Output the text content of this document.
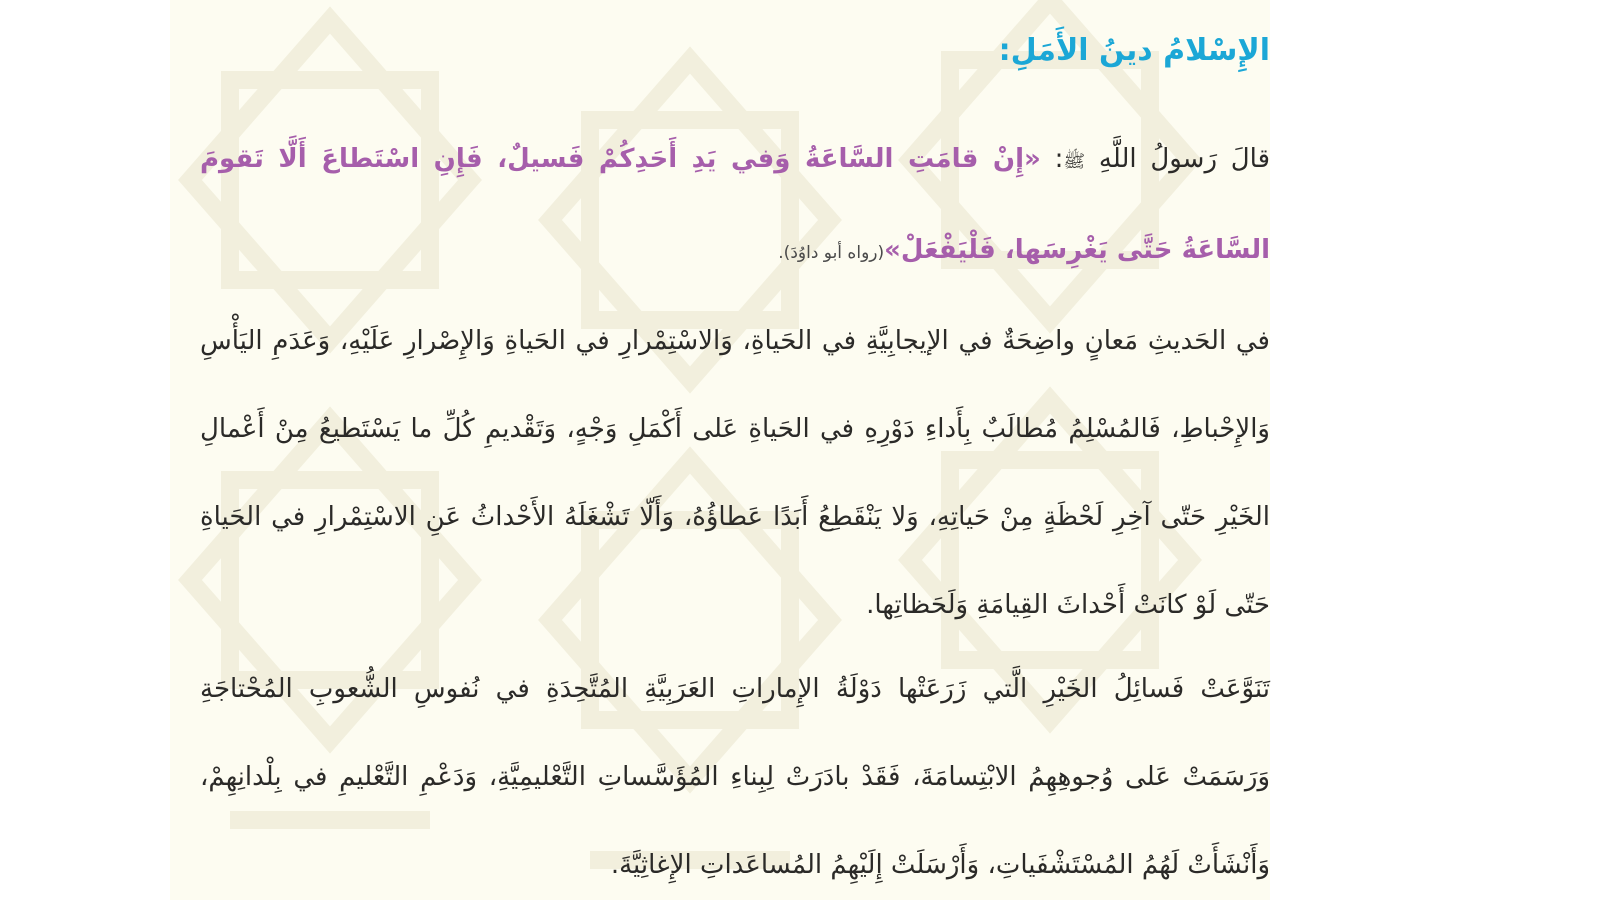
الإِسْلامُ دينُ الأَمَلِ:

قالَ رَسولُ اللَّهِ ﷺ: «إِنْ قامَتِ السَّاعَةُ وَفي يَدِ أَحَدِكُمْ فَسيلٌ، فَإِنِ اسْتَطاعَ أَلَّا تَقومَ السَّاعَةُ حَتَّى يَغْرِسَها، فَلْيَفْعَلْ»(رواه أبو داوُدَ).

في الحَديثِ مَعانٍ واضِحَةٌ في الإيجابِيَّةِ في الحَياةِ، وَالاسْتِمْرارِ في الحَياةِ وَالإِصْرارِ عَلَيْهِ، وَعَدَمِ اليَأْسِ وَالإِحْباطِ، فَالمُسْلِمُ مُطالَبٌ بِأَداءِ دَوْرِهِ في الحَياةِ عَلى أَكْمَلِ وَجْهٍ، وَتَقْديمِ كُلِّ ما يَسْتَطيعُ مِنْ أَعْمالِ الخَيْرِ حَتّى آخِرِ لَحْظَةٍ مِنْ حَياتِهِ، وَلا يَنْقَطِعُ أَبَدًا عَطاؤُهُ، وَأَلّا تَشْغَلَهُ الأَحْداثُ عَنِ الاسْتِمْرارِ في الحَياةِ حَتّى لَوْ كانَتْ أَحْداثَ القِيامَةِ وَلَحَظاتِها.

تَنَوَّعَتْ فَسائِلُ الخَيْرِ الَّتي زَرَعَتْها دَوْلَةُ الإِماراتِ العَرَبِيَّةِ المُتَّحِدَةِ في نُفوسِ الشُّعوبِ المُحْتاجَةِ وَرَسَمَتْ عَلى وُجوهِهِمُ الابْتِسامَةَ، فَقَدْ بادَرَتْ لِبِناءِ المُؤَسَّساتِ التَّعْليمِيَّةِ، وَدَعْمِ التَّعْليمِ في بِلْدانِهِمْ، وَأَنْشَأَتْ لَهُمُ المُسْتَشْفَياتِ، وَأَرْسَلَتْ إِلَيْهِمُ المُساعَداتِ الإِغاثِيَّةَ.
